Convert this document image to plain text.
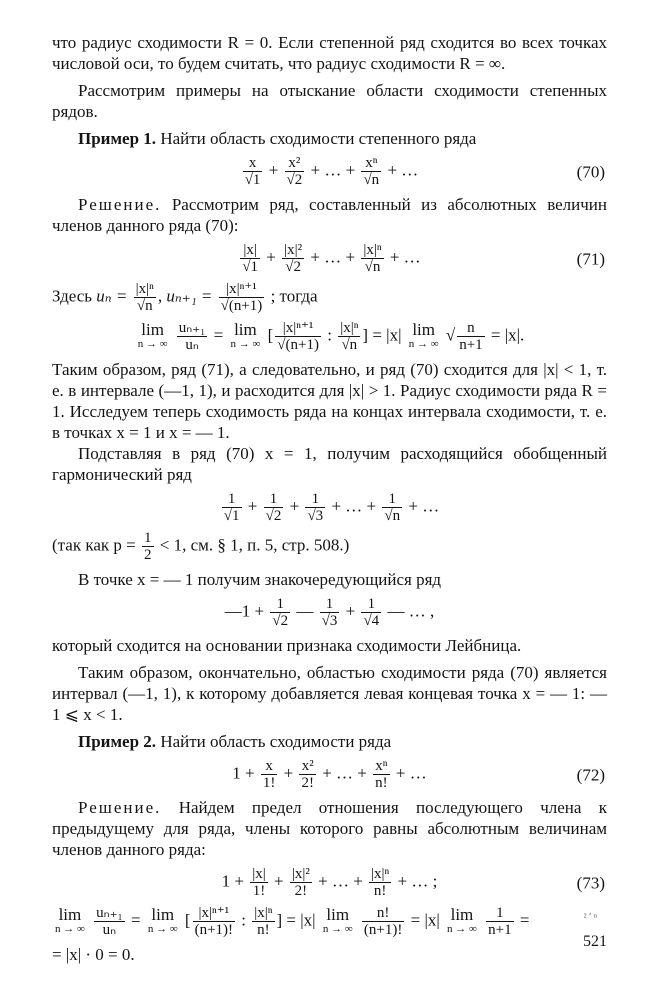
что радиус сходимости R = 0. Если степенной ряд сходится во всех точках числовой оси, то будем считать, что радиус сходимости R = ∞.

Рассмотрим примеры на отыскание области сходимости степенных рядов.

Пример 1. Найти область сходимости степенного ряда

$\frac{x}{√1} + \frac{\text{x²}}{√2}$ + … + $\frac{\text{xⁿ}}{√n}$ + …	(70)

Решение. Рассмотрим ряд, составленный из абсолютных величин членов данного ряда (70):

$\frac{|x|}{√1} + \frac{\text{|x|²}}{√2}$ + … + $\frac{\text{|x|ⁿ}}{√n}$ + …	(71)

Здесь $u_n = \frac{\text{|x|ⁿ}}{√n}$ , $u_{n+1} = \frac{\text{|x|ⁿ⁺¹}}{√(n+1)}$ ; тогда

lim
n → ∞
$\frac{\text{uₙ₊₁}}{\text{uₙ}} = \lim$
n → ∞ [ $\frac{\text{|x|ⁿ⁺¹}}{√(n+1)}$ : $\frac{\text{|x|ⁿ}}{√n}$ ] = |x| lim
n → ∞ √ $\frac{n}{n+1} = |x|$.

Таким образом, ряд (71), а следовательно, и ряд (70) сходится для |x| < 1, т. е. в интервале (—1, 1), и расходится для |x| > 1. Радиус сходимости ряда R = 1. Исследуем теперь сходимость ряда на концах интервала сходимости, т. е. в точках x = 1 и x = — 1.

Подставляя в ряд (70) x = 1, получим расходящийся обобщенный гармонический ряд

$\frac{1}{√1} + \frac{1}{√2} + \frac{1}{√3}$ + … + $\frac{1}{√n}$ + …

(так как $p = \frac{1}{2} < 1$, см. § 1, п. 5, стр. 508.)

В точке x = — 1 получим знакочередующийся ряд

—1 + $\frac{1}{√2}$ — $\frac{1}{√3} + \frac{1}{√4}$ — … ,

который сходится на основании признака сходимости Лейбница.

Таким образом, окончательно, областью сходимости ряда (70) является интервал (—1, 1), к которому добавляется левая концевая точка x = — 1: —1 ⩽ x < 1.

Пример 2. Найти область сходимости ряда

$1 + \frac{x}{1!} + \frac{\text{x²}}{2!}$ + … + $\frac{\text{xⁿ}}{n!}$ + …	(72)

Решение. Найдем предел отношения последующего члена к предыдущему для ряда, члены которого равны абсолютным величинам членов данного ряда:

$1 + \frac{|x|}{1!} + \frac{\text{|x|²}}{2!}$ + … + $\frac{\text{|x|ⁿ}}{n!}$ + … ;	(73)
lim
n → ∞
$\frac{\text{uₙ₊₁}}{\text{uₙ}} = \lim$
n → ∞ [ $\frac{\text{|x|ⁿ⁺¹}}{(n+1)!}$ : $\frac{\text{|x|ⁿ}}{n!}$ ] = |x| lim
n → ∞
$\frac{n!}{(n+1)!} = |x|$ lim
n → ∞
$\frac{1}{n+1}$ =

= |x| · 0 = 0.

² ′ ⁿ
521
